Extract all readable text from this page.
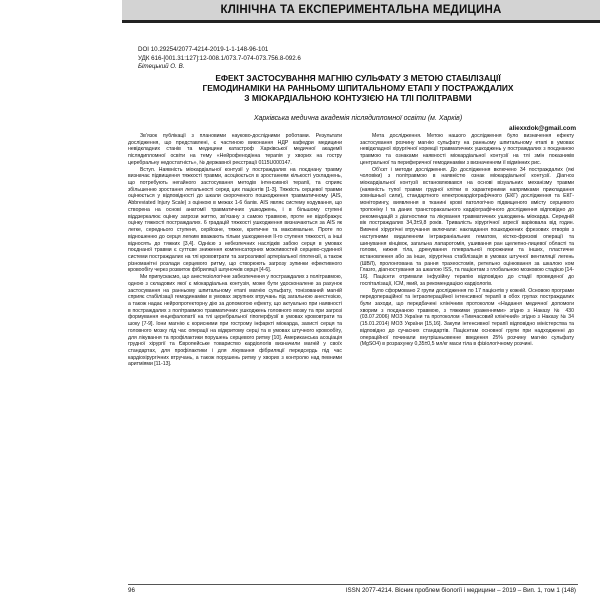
КЛІНІЧНА ТА ЕКСПЕРИМЕНТАЛЬНА МЕДИЦИНА
DOI 10.29254/2077-4214-2019-1-1-148-96-101
УДК 616-[001.31:127]:12-008.1/073.7-074-073.756.8-092.6
Бітецький О. В.
ЕФЕКТ ЗАСТОСУВАННЯ МАГНІЮ СУЛЬФАТУ З МЕТОЮ СТАБІЛІЗАЦІЇ
ГЕМОДИНАМІКИ НА РАННЬОМУ ШПИТАЛЬНОМУ ЕТАПІ У ПОСТРАЖДАЛИХ
З МІОКАРДІАЛЬНОЮ КОНТУЗІЄЮ НА ТЛІ ПОЛІТРАВМИ
Харківська медична академія післядипломної освіти (м. Харків)
aliexxdok@gmail.com

Зв’язок публікації з плановими науково-дослідними роботами. Результати дослідження, що представлені, є частиною виконання НДР кафедри медицини невідкладних станів та медицини катастроф Харківської медичної академії післядипломної освіти на тему «Нейрофенодінна терапія у хворих на гостру церебральну недостатність», № державної реєстрації 0115U000147.

Вступ. Наявність міокардіальної контузії у постраждалих на поєднану травму визначає підвищення тяжкості травми, асоціюється в зростанням кількості ускладнень, що потребують негайного застосування методів інтенсивної терапії, та сприяє збільшенню зростання летальності серед цих пацієнтів [1-3]. Тяжкість серцевої травми оцінюється у відповідності до шкали скороченого пошкодження травматичному (AIS, Abbreviated Injury Scale) з оцінкою в межах 1-6 балів. AIS являє систему кодування, що створена на основі анатомії травматичних ушкоджень, і в більшому ступені віддзеркалює оцінку загрози життю, зв’язану з самою травмою, проте не відображує оцінку тяжкості постраждалих. 6 градацій тяжкості ушкодження визначаються за AIS як легке, середнього ступеня, серйозне, тяжке, критичне та максимальне. Проте по відношенню до серця легким вважають тільки ушкодження II-го ступеня тяжкості, а інші відносять до тяжких [3,4]. Однією з небезпечних наслідків забою серця в умовах поєднаної травми є суттєве зниження компенсаторних можливостей серцево-судинної системи постраждалих на тлі крововтрати та загрозливої артеріальної гіпотензії, а також різноманітні розлади серцевого ритму, що створюють загрозу зупинки ефективного кровообігу через розвиток фібриляції шлуночків серця [4-6].

Ми припускаємо, що анестезіологічне забезпечення у постраждалих з політравмою, одною з складових якої є міокардіальна контузія, може бути удосконалене за рахунок застосування на ранньому шпитальному етапі магнію сульфату, тонізований магній сприяє стабілізації гемодинаміки в умовах зкрупних втручань під загальною анестезією, а також надає нейропротекторну дію за допомогою ефекту, що актуально при наявності в постраждалих з політравмою травматичних ушкоджень головного мозку та при загрозі формування енцефалопатії на тлі церебральної гіпоперфузії в умовах крововтрати та шоку [7-9]. Іони магнію є корисними при гострому інфаркті міокарда, захисті серця та головного мозку під час операції на відкритому серці та в умовах штучного кровообігу, для лікування та профілактики порушень серцевого ритму [10]. Американська асоціація грудної хірургії та Європейське товариство кардіологів визначили магній у своїх стандартах, для профілактики і для лікування фібриляції передсердь під час кардіохірургічних втручань, а також порушень ритму у хворих з контролю над певними аритміями [11-13].

Мета дослідження. Метою нашого дослідження було визначення ефекту застосування розчину магнію сульфату на ранньому шпитальному етапі в умовах невідкладної хірургічної корекції травматичних ушкоджень у постраждалих з поєднаною травмою та ознаками наявності міокардіальної контузії на тлі змін показників центральної та периферичної гемодинаміки з визначенням її відмінних рис.

Об’єкт і методи дослідження. До дослідження включено 34 постраждалих (які чоловіки) з політравмою в наявністю ознак міокардіальної контузії. Діагноз міокардіальної контузії встановлювався на основі візуальних механізму травми (наявність тупої травми грудної клітки в характерними напрямками прикладання зовнішньої сили), стандартного електрокардіографічного (ЕКГ) дослідження та ЕКГ-моніторингу, виявлення в тканині крові патологічно підвищеного вмісту серцевого тропоніну І та даних трансторакального кардіографічного дослідження відповідно до рекомендацій з діагностики та лікування травматичних ушкоджень міокарда. Середній вік постраждалих 34,3±9,8 років. Тривалість хірургічної агресії варіювала від годин. Вивчені хірургічні втручання включали: накладання пошкоджених фрезових отворів з наступними видаленням інтракраніальних гематом, кістко-фрезові операції та шинування кінцівок, загальна лапаротомія, ушивання ран щелепно-лицевої області та голови, нижня тіла, дренування плевральної порожнини та інших, пластичне встановлення або за інше, хірургічна стабілізація в умовах штучної вентиляції легень (ШВЛ), пролонгована та рання трахеостомія, ретельно оцінювання за шкалою ком Глазго, діагностування за шкалою ISS, та пацієнтам з глобальною мозковою стадією [14-16]. Пацієнти отримали інфузійну терапію відповідно до стадії проведеної до госпіталізації, ІСМ, який, за рекомендацією кардіологів.

Було сформовано 2 групи дослідження по 17 пацієнтів у кожній. Основою програми передопераційної та інтраопераційної інтенсивної терапії в обох групах постраждалих були заходи, що передбачені клінічним протоколом «Надання медичної допомоги хворим з поєднаною травмою, з тяжкими ураженнями» згідно з Наказу № 430 (03.07.2006) МОЗ України та протоколом «Тимчасовий клінічний» згідно з Наказу № 34 (15.01.2014) МОЗ України [15,16]. Закупи інтенсивної терапії відповідно міністерства та відповідно до сучасних стандартів. Пацієнтам основної групи при надходженні до операційної починали внутрішньовенне введення 25% розчину магнію сульфату (MgSO4) в розрахунку 0,35±0,5 мл/кг маси тіла в фізіологічному розчині.

96	ISSN 2077-4214. Вісник проблем біології і медицини – 2019 – Вип. 1, том 1 (148)
